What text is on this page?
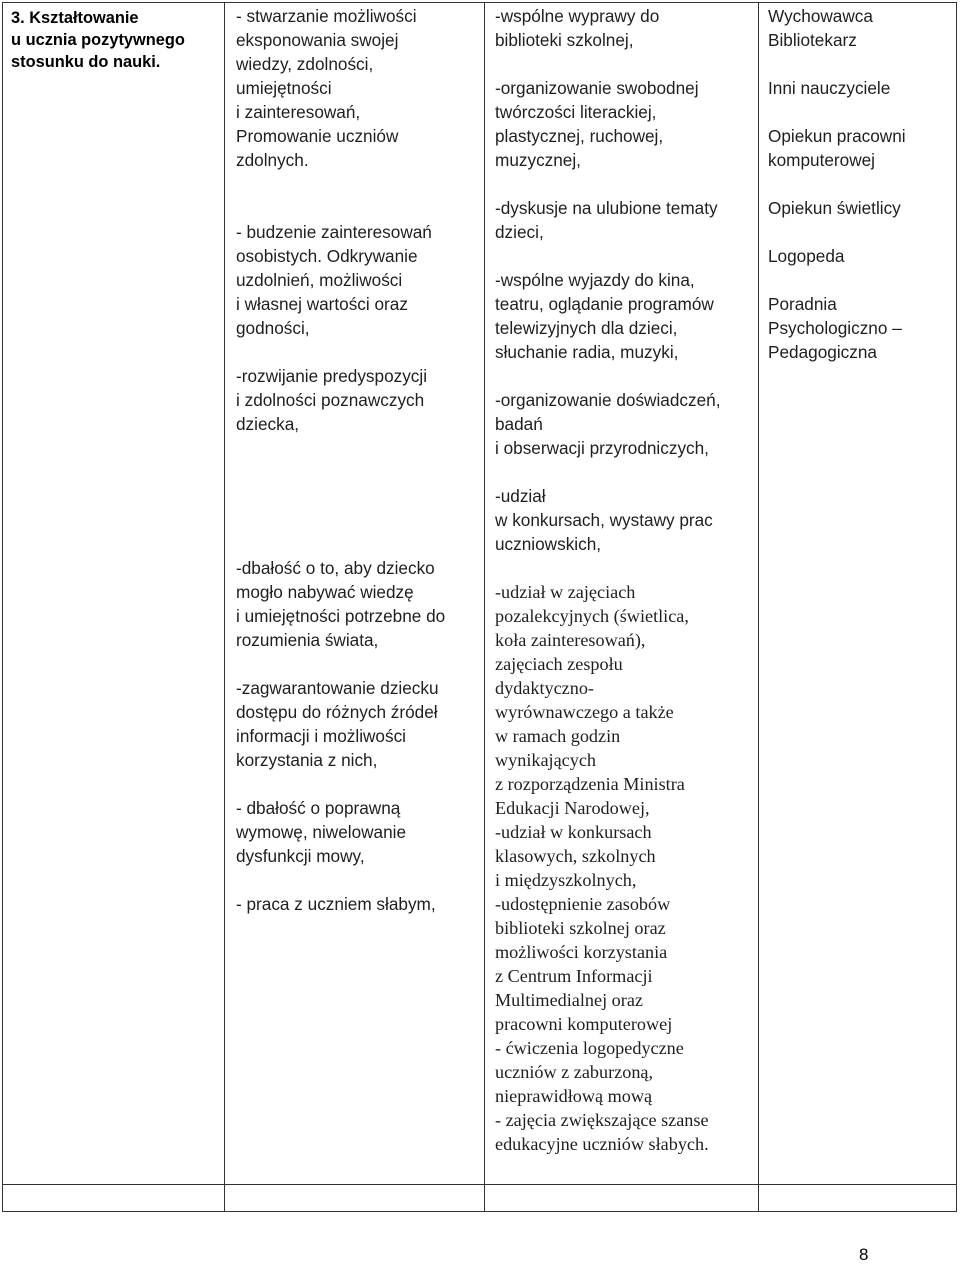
3. Kształtowanie
u ucznia pozytywnego
stosunku do nauki.

- stwarzanie możliwości
eksponowania swojej
wiedzy, zdolności,
umiejętności
i zainteresowań,
Promowanie uczniów
zdolnych.

- budzenie zainteresowań
osobistych. Odkrywanie
uzdolnień, możliwości
i własnej wartości oraz
godności,

-rozwijanie predyspozycji
i zdolności poznawczych
dziecka,

-dbałość o to, aby dziecko
mogło nabywać wiedzę
i umiejętności potrzebne do
rozumienia świata,

-zagwarantowanie dziecku
dostępu do różnych źródeł
informacji i możliwości
korzystania z nich,

- dbałość o poprawną
wymowę, niwelowanie
dysfunkcji mowy,

- praca z uczniem słabym,

-wspólne wyprawy do
biblioteki szkolnej,

-organizowanie swobodnej
twórczości literackiej,
plastycznej, ruchowej,
muzycznej,

-dyskusje na ulubione tematy
dzieci,

-wspólne wyjazdy do kina,
teatru, oglądanie programów
telewizyjnych dla dzieci,
słuchanie radia, muzyki,

-organizowanie doświadczeń,
badań
i obserwacji przyrodniczych,

-udział
w konkursach, wystawy prac
uczniowskich,

-udział w zajęciach
pozalekcyjnych (świetlica,
koła zainteresowań),
zajęciach zespołu
dydaktyczno-
wyrównawczego a także
w ramach godzin
wynikających
z rozporządzenia Ministra
Edukacji Narodowej,
-udział w konkursach
klasowych, szkolnych
i międzyszkolnych,
-udostępnienie zasobów
biblioteki szkolnej oraz
możliwości korzystania
z Centrum Informacji
Multimedialnej oraz
pracowni komputerowej
- ćwiczenia logopedyczne
uczniów z zaburzoną,
nieprawidłową mową
- zajęcia zwiększające szanse
edukacyjne uczniów słabych.

Wychowawca
Bibliotekarz

Inni nauczyciele

Opiekun pracowni
komputerowej

Opiekun świetlicy

Logopeda

Poradnia
Psychologiczno –
Pedagogiczna

8
